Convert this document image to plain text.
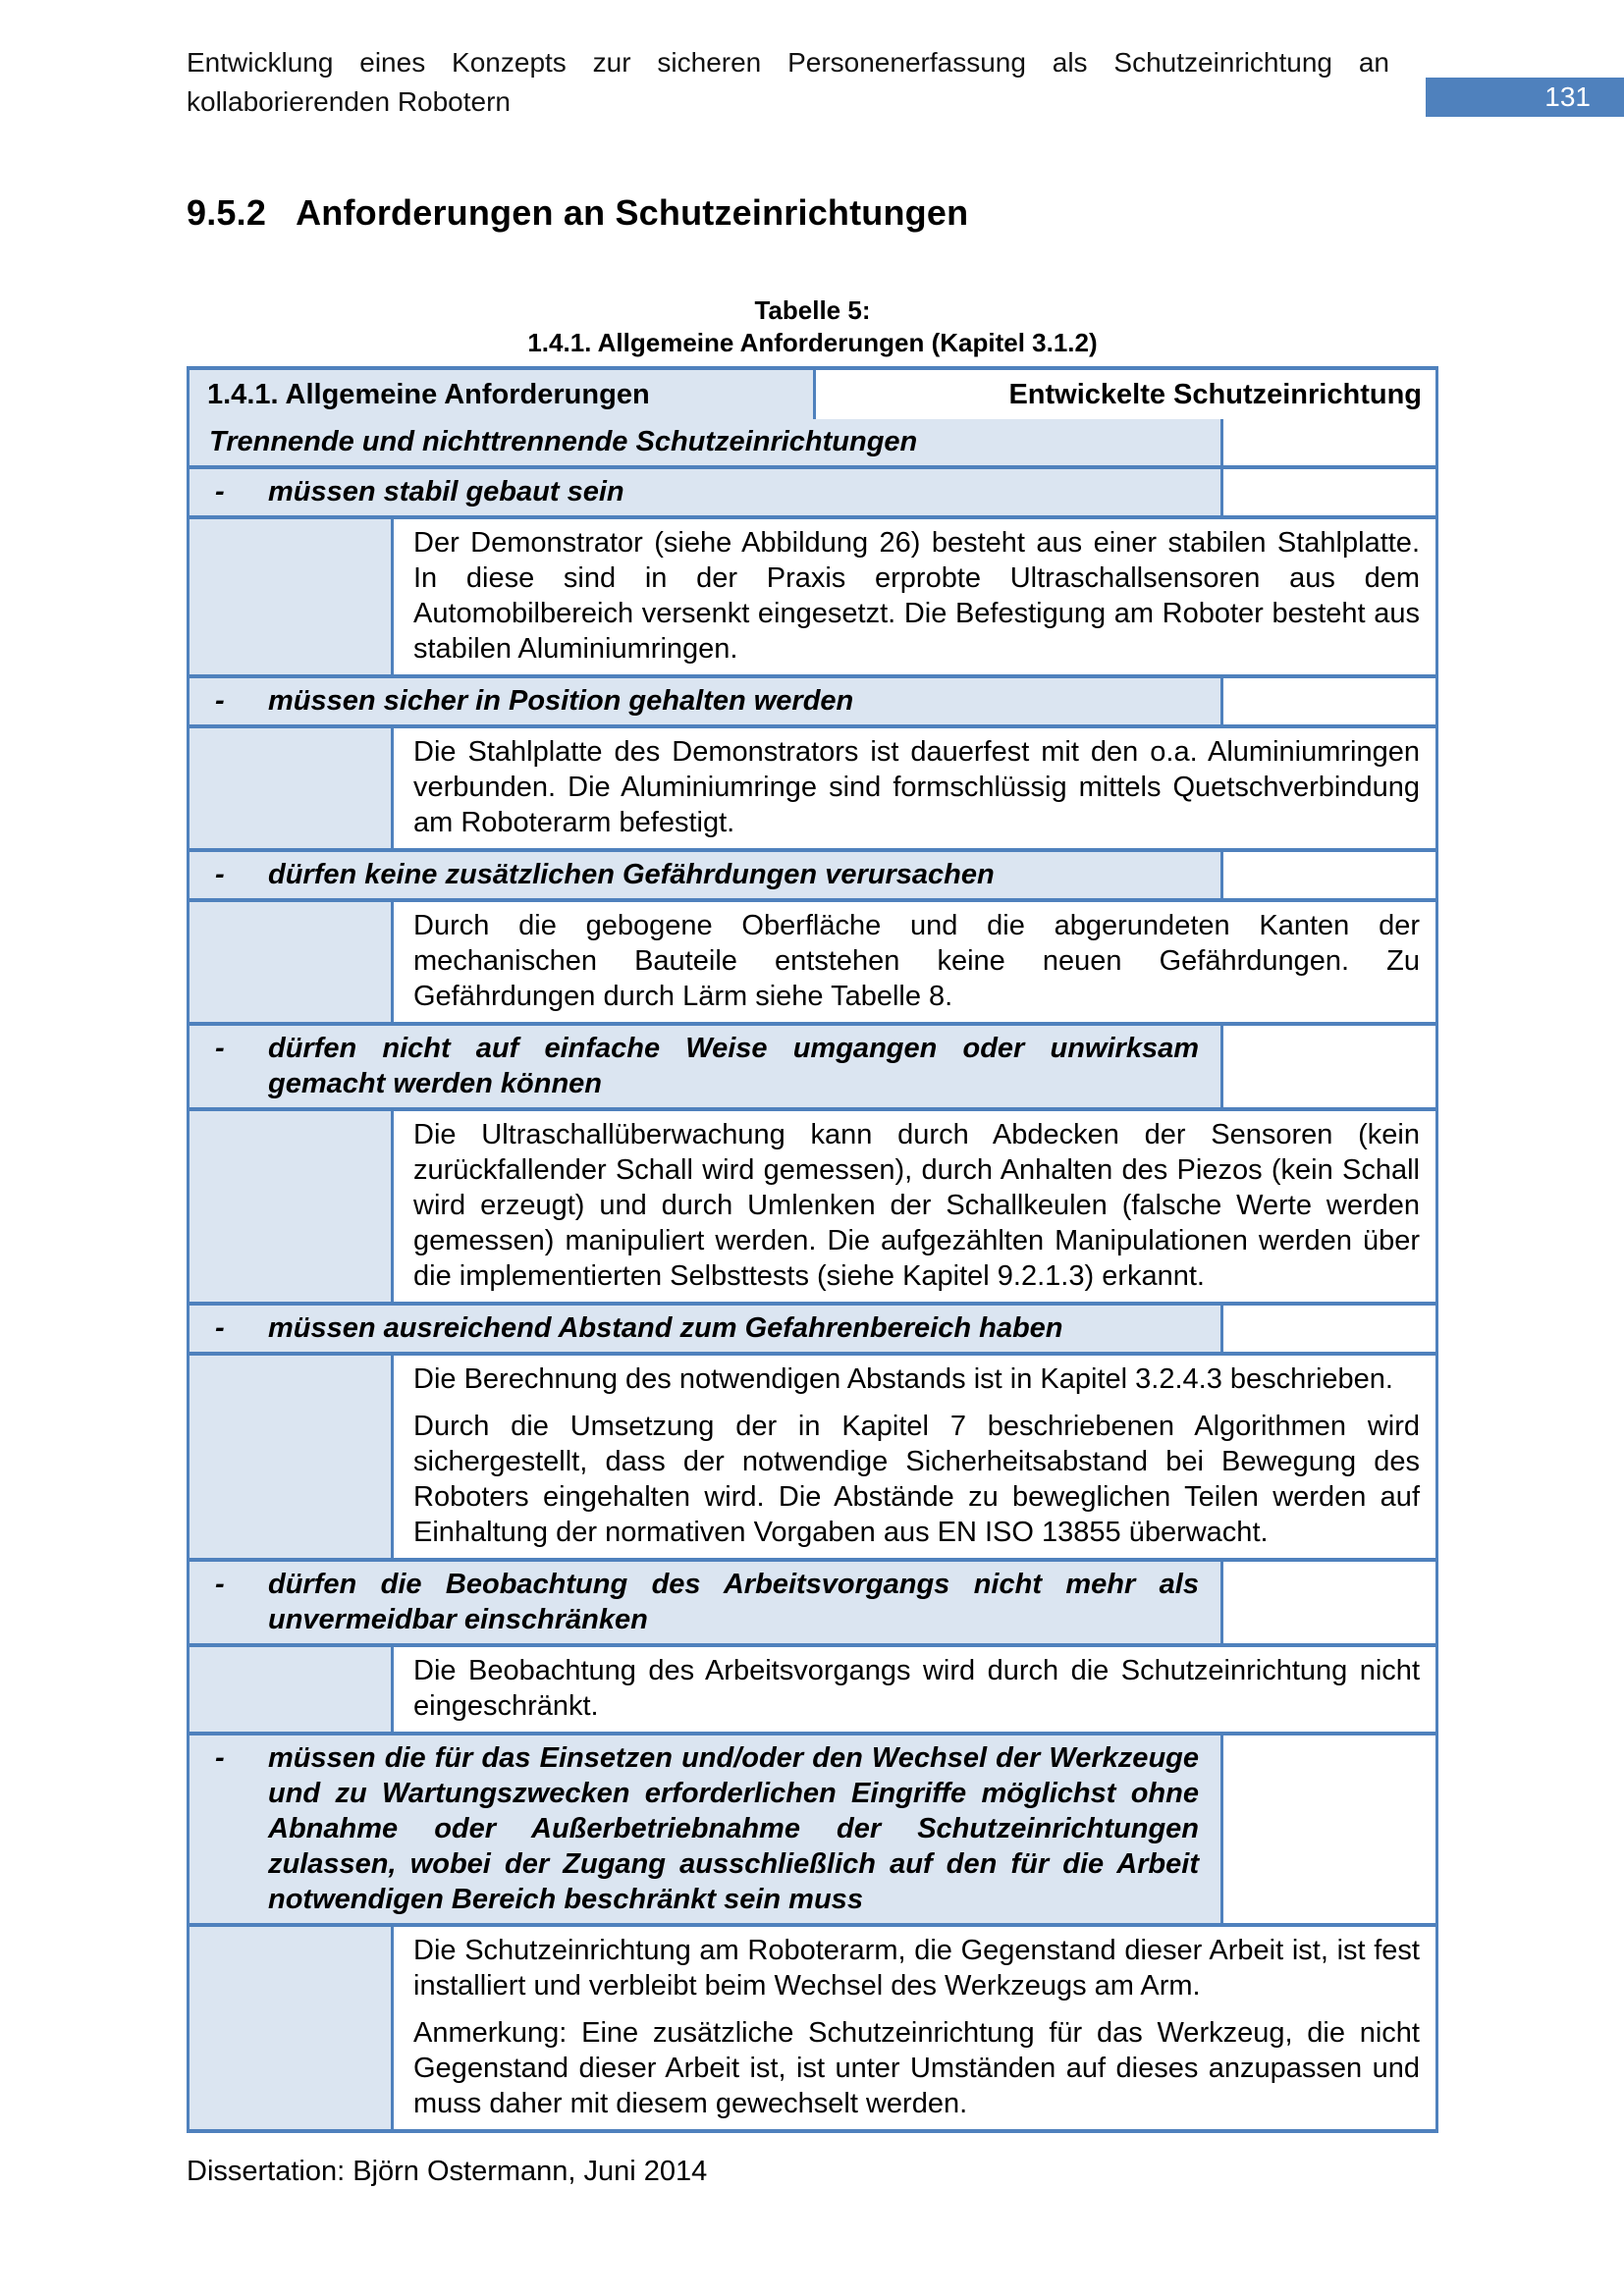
Entwicklung eines Konzepts zur sicheren Personenerfassung als Schutzeinrichtung an
kollaborierenden Robotern	131
9.5.2 Anforderungen an Schutzeinrichtungen
Tabelle 5:
1.4.1. Allgemeine Anforderungen (Kapitel 3.1.2)
1.4.1. Allgemeine Anforderungen	Entwickelte Schutzeinrichtung
Trennende und nichttrennende Schutzeinrichtungen
- müssen stabil gebaut sein

Der Demonstrator (siehe Abbildung 26) besteht aus einer stabilen Stahlplatte. In diese sind in der Praxis erprobte Ultraschallsensoren aus dem Automobilbereich versenkt eingesetzt. Die Befestigung am Roboter besteht aus stabilen Aluminiumringen.

- müssen sicher in Position gehalten werden

Die Stahlplatte des Demonstrators ist dauerfest mit den o.a. Aluminiumringen verbunden. Die Aluminiumringe sind formschlüssig mittels Quetschverbindung am Roboterarm befestigt.

- dürfen keine zusätzlichen Gefährdungen verursachen

Durch die gebogene Oberfläche und die abgerundeten Kanten der mechanischen Bauteile entstehen keine neuen Gefährdungen. Zu Gefährdungen durch Lärm siehe Tabelle 8.

- dürfen nicht auf einfache Weise umgangen oder unwirksam gemacht werden können

Die Ultraschallüberwachung kann durch Abdecken der Sensoren (kein zurückfallender Schall wird gemessen), durch Anhalten des Piezos (kein Schall wird erzeugt) und durch Umlenken der Schallkeulen (falsche Werte werden gemessen) manipuliert werden. Die aufgezählten Manipulationen werden über die implementierten Selbsttests (siehe Kapitel 9.2.1.3) erkannt.

- müssen ausreichend Abstand zum Gefahrenbereich haben

Die Berechnung des notwendigen Abstands ist in Kapitel 3.2.4.3 beschrieben.

Durch die Umsetzung der in Kapitel 7 beschriebenen Algorithmen wird sichergestellt, dass der notwendige Sicherheitsabstand bei Bewegung des Roboters eingehalten wird. Die Abstände zu beweglichen Teilen werden auf Einhaltung der normativen Vorgaben aus EN ISO 13855 überwacht.

- dürfen die Beobachtung des Arbeitsvorgangs nicht mehr als unvermeidbar einschränken

Die Beobachtung des Arbeitsvorgangs wird durch die Schutzeinrichtung nicht eingeschränkt.

- müssen die für das Einsetzen und/oder den Wechsel der Werkzeuge und zu Wartungszwecken erforderlichen Eingriffe möglichst ohne Abnahme oder Außerbetriebnahme der Schutzeinrichtungen zulassen, wobei der Zugang ausschließlich auf den für die Arbeit notwendigen Bereich beschränkt sein muss

Die Schutzeinrichtung am Roboterarm, die Gegenstand dieser Arbeit ist, ist fest installiert und verbleibt beim Wechsel des Werkzeugs am Arm.

Anmerkung: Eine zusätzliche Schutzeinrichtung für das Werkzeug, die nicht Gegenstand dieser Arbeit ist, ist unter Umständen auf dieses anzupassen und muss daher mit diesem gewechselt werden.

Dissertation: Björn Ostermann, Juni 2014
